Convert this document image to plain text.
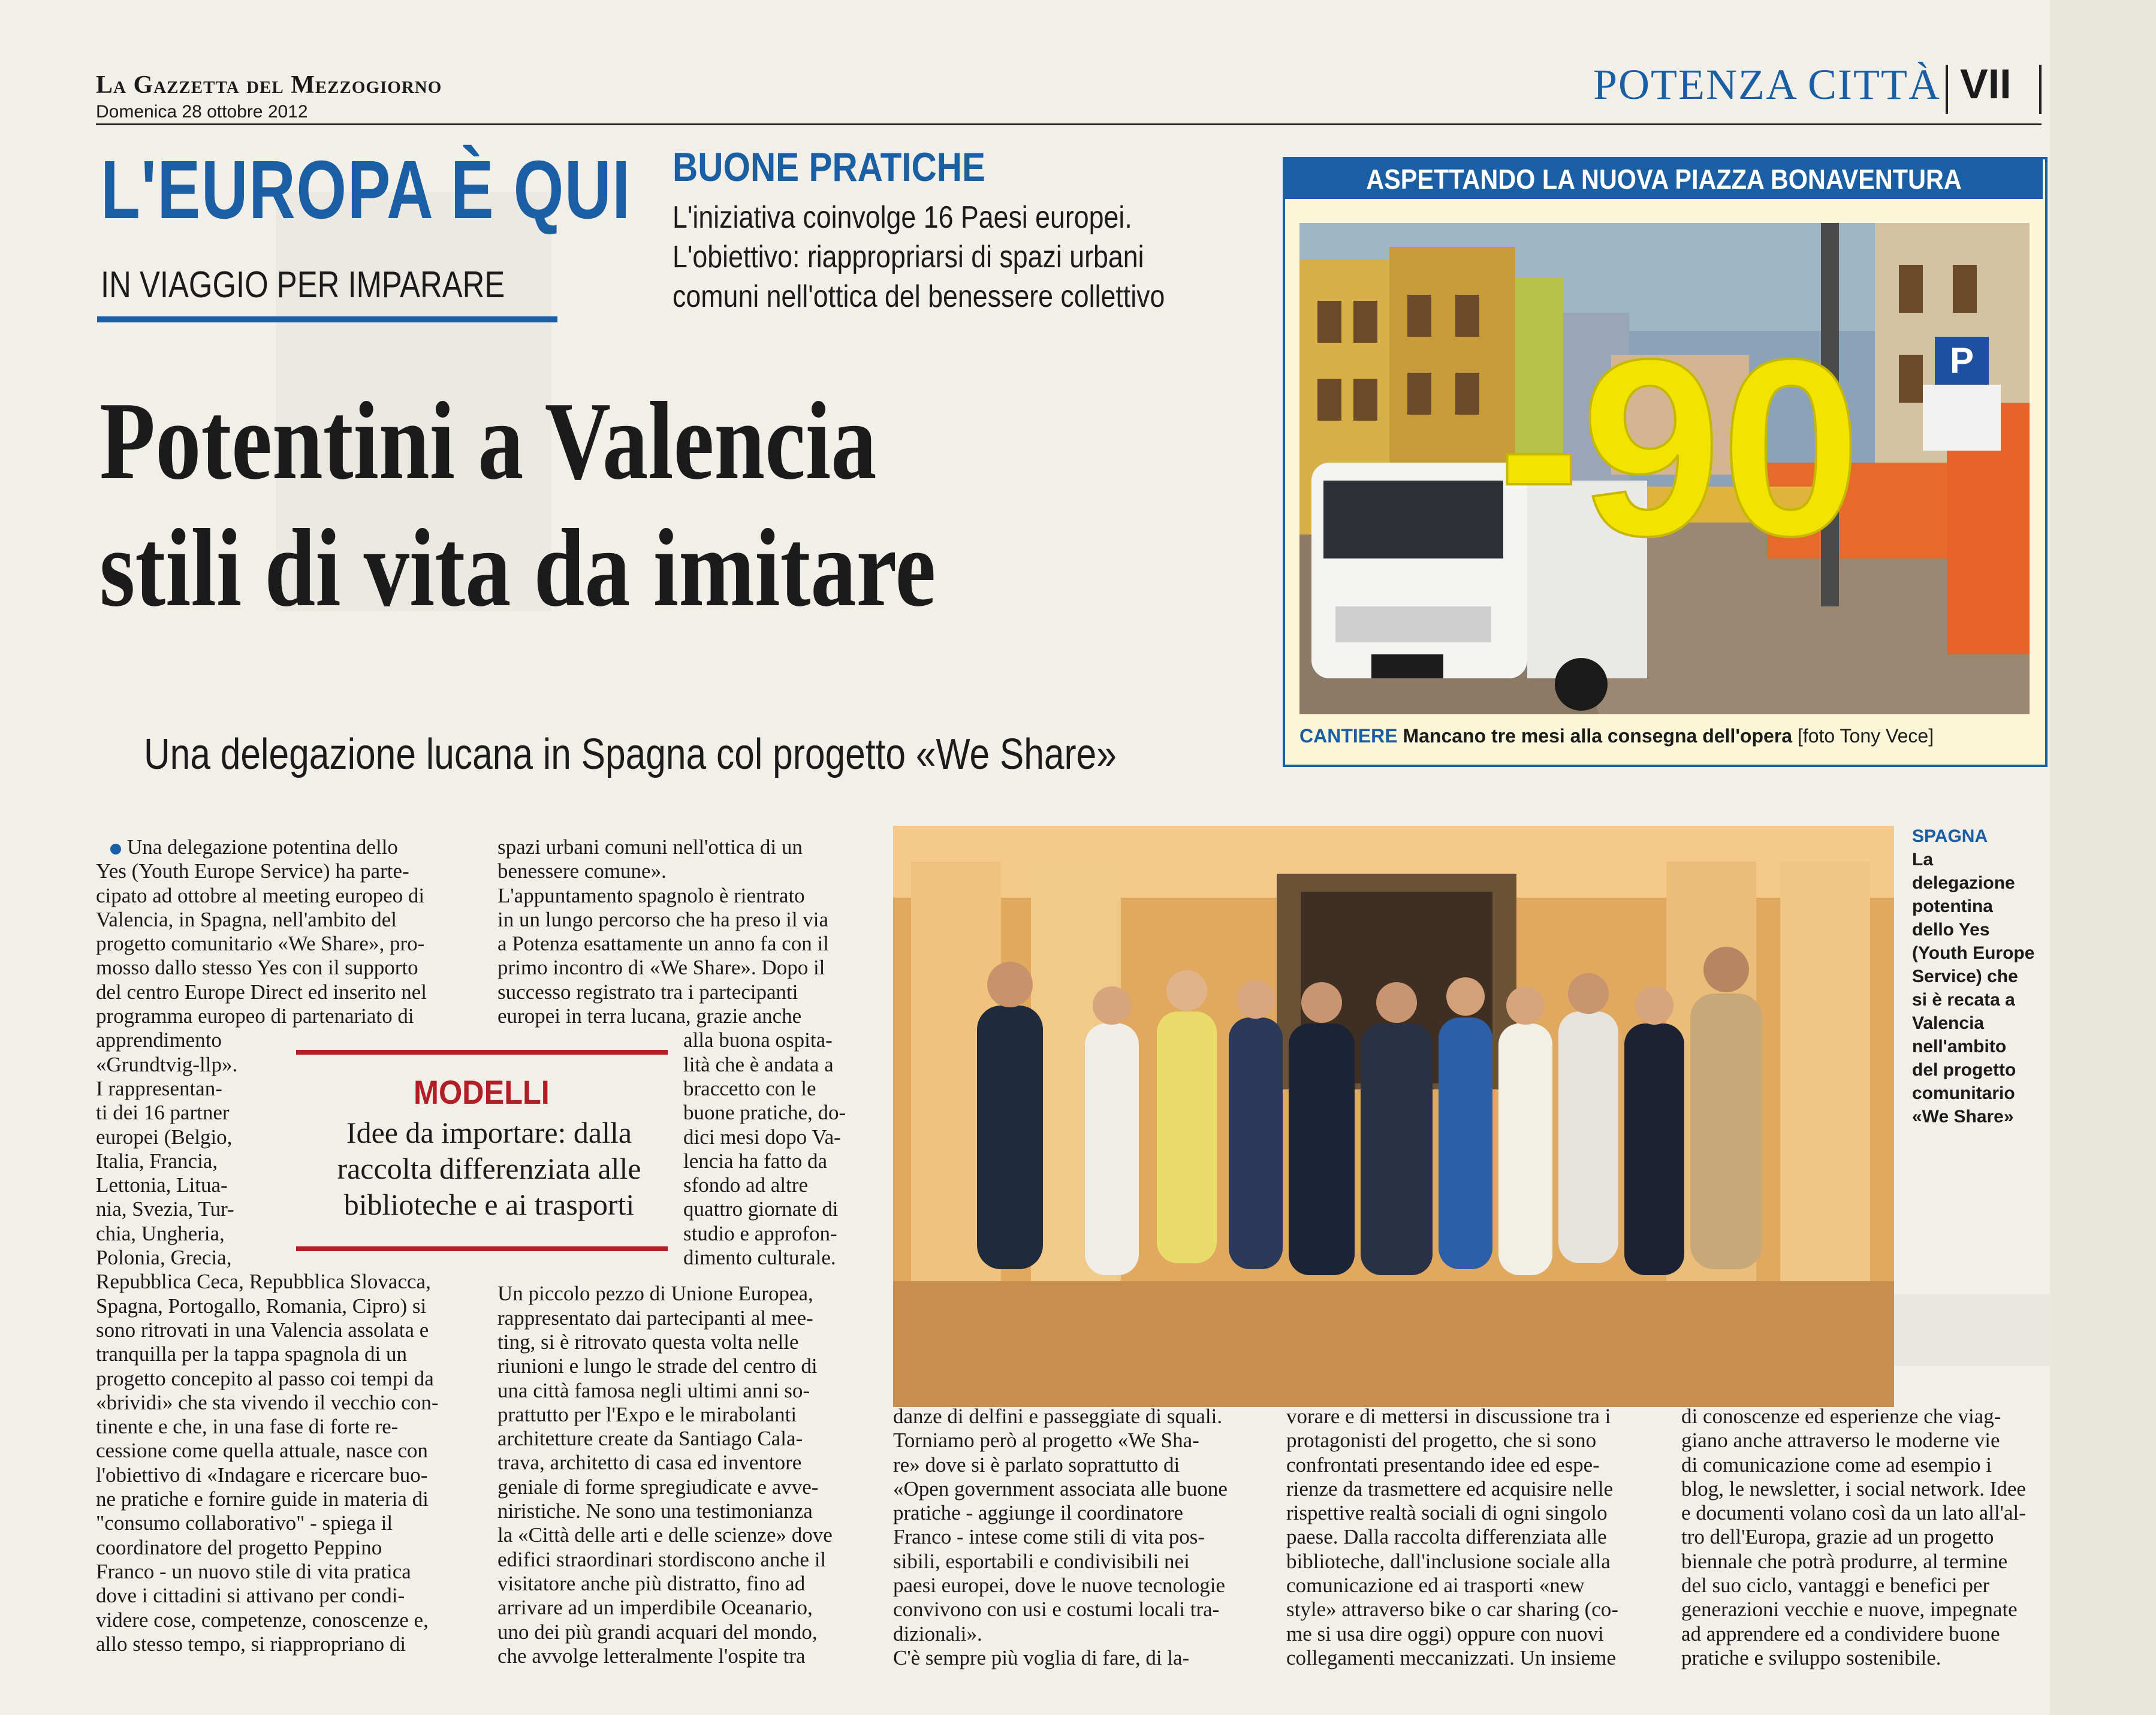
La Gazzetta del Mezzogiorno
Domenica 28 ottobre 2012
POTENZA CITTÀ VII
L'EUROPA È QUI
IN VIAGGIO PER IMPARARE
BUONE PRATICHE
L'iniziativa coinvolge 16 Paesi europei.
L'obiettivo: riappropriarsi di spazi urbani
comuni nell'ottica del benessere collettivo
Potentini a Valencia
stili di vita da imitare
Una delegazione lucana in Spagna col progetto «We Share»
ASPETTANDO LA NUOVA PIAZZA BONAVENTURA
P
-90
CANTIERE Mancano tre mesi alla consegna dell'opera [foto Tony Vece]
SPAGNA
La
delegazione
potentina
dello Yes
(Youth Europe
Service) che
si è recata a
Valencia
nell'ambito
del progetto
comunitario
«We Share»
MODELLI
Idee da importare: dalla
raccolta differenziata alle
biblioteche e ai trasporti
Una delegazione potentina dello
Yes (Youth Europe Service) ha parte-
cipato ad ottobre al meeting europeo di
Valencia, in Spagna, nell'ambito del
progetto comunitario «We Share», pro-
mosso dallo stesso Yes con il supporto
del centro Europe Direct ed inserito nel
programma europeo di partenariato di
apprendimento
«Grundtvig-llp».
I rappresentan-
ti dei 16 partner
europei (Belgio,
Italia, Francia,
Lettonia, Litua-
nia, Svezia, Tur-
chia, Ungheria,
Polonia, Grecia,
Repubblica Ceca, Repubblica Slovacca,
Spagna, Portogallo, Romania, Cipro) si
sono ritrovati in una Valencia assolata e
tranquilla per la tappa spagnola di un
progetto concepito al passo coi tempi da
«brividi» che sta vivendo il vecchio con-
tinente e che, in una fase di forte re-
cessione come quella attuale, nasce con
l'obiettivo di «Indagare e ricercare buo-
ne pratiche e fornire guide in materia di
"consumo collaborativo" - spiega il
coordinatore del progetto Peppino
Franco - un nuovo stile di vita pratica
dove i cittadini si attivano per condi-
videre cose, competenze, conoscenze e,
allo stesso tempo, si riappropriano di
spazi urbani comuni nell'ottica di un
benessere comune».
L'appuntamento spagnolo è rientrato
in un lungo percorso che ha preso il via
a Potenza esattamente un anno fa con il
primo incontro di «We Share». Dopo il
successo registrato tra i partecipanti
europei in terra lucana, grazie anche
alla buona ospita-
lità che è andata a
braccetto con le
buone pratiche, do-
dici mesi dopo Va-
lencia ha fatto da
sfondo ad altre
quattro giornate di
studio e approfon-
dimento culturale.
Un piccolo pezzo di Unione Europea,
rappresentato dai partecipanti al mee-
ting, si è ritrovato questa volta nelle
riunioni e lungo le strade del centro di
una città famosa negli ultimi anni so-
prattutto per l'Expo e le mirabolanti
architetture create da Santiago Cala-
trava, architetto di casa ed inventore
geniale di forme spregiudicate e avve-
niristiche. Ne sono una testimonianza
la «Città delle arti e delle scienze» dove
edifici straordinari stordiscono anche il
visitatore anche più distratto, fino ad
arrivare ad un imperdibile Oceanario,
uno dei più grandi acquari del mondo,
che avvolge letteralmente l'ospite tra
danze di delfini e passeggiate di squali.
Torniamo però al progetto «We Sha-
re» dove si è parlato soprattutto di
«Open government associata alle buone
pratiche - aggiunge il coordinatore
Franco - intese come stili di vita pos-
sibili, esportabili e condivisibili nei
paesi europei, dove le nuove tecnologie
convivono con usi e costumi locali tra-
dizionali».
C'è sempre più voglia di fare, di la-
vorare e di mettersi in discussione tra i
protagonisti del progetto, che si sono
confrontati presentando idee ed espe-
rienze da trasmettere ed acquisire nelle
rispettive realtà sociali di ogni singolo
paese. Dalla raccolta differenziata alle
biblioteche, dall'inclusione sociale alla
comunicazione ed ai trasporti «new
style» attraverso bike o car sharing (co-
me si usa dire oggi) oppure con nuovi
collegamenti meccanizzati. Un insieme
di conoscenze ed esperienze che viag-
giano anche attraverso le moderne vie
di comunicazione come ad esempio i
blog, le newsletter, i social network. Idee
e documenti volano così da un lato all'al-
tro dell'Europa, grazie ad un progetto
biennale che potrà produrre, al termine
del suo ciclo, vantaggi e benefici per
generazioni vecchie e nuove, impegnate
ad apprendere ed a condividere buone
pratiche e sviluppo sostenibile.
